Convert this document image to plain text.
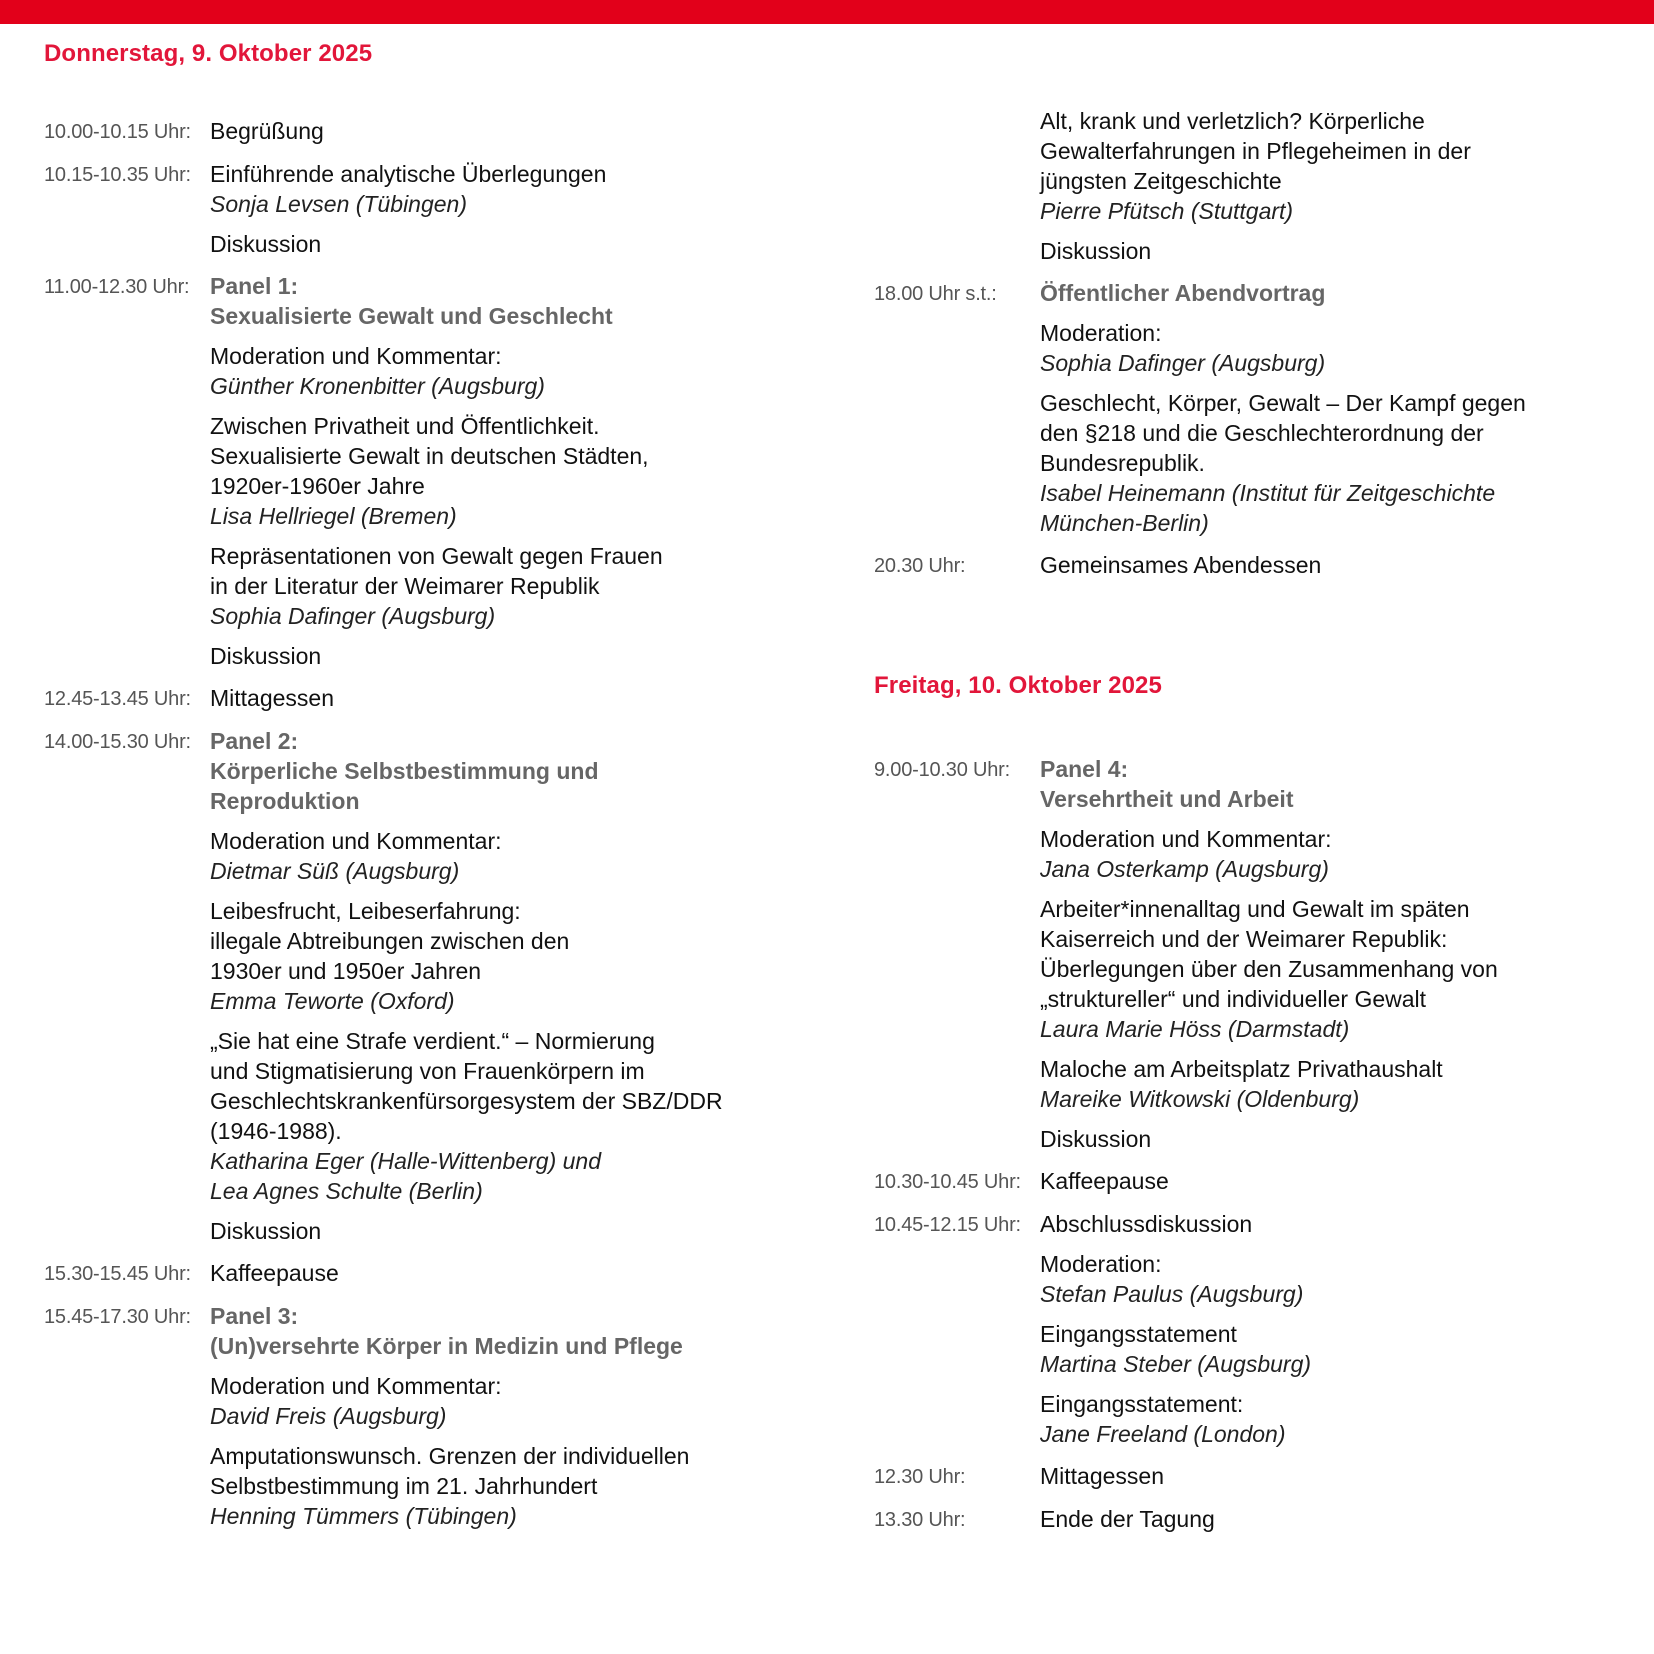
Donnerstag, 9. Oktober 2025
10.00-10.15 Uhr: Begrüßung
10.15-10.35 Uhr: Einführende analytische Überlegungen
Sonja Levsen (Tübingen)
Diskussion
11.00-12.30 Uhr: Panel 1:
Sexualisierte Gewalt und Geschlecht
Moderation und Kommentar:
Günther Kronenbitter (Augsburg)
Zwischen Privatheit und Öffentlichkeit.
Sexualisierte Gewalt in deutschen Städten,
1920er-1960er Jahre
Lisa Hellriegel (Bremen)
Repräsentationen von Gewalt gegen Frauen
in der Literatur der Weimarer Republik
Sophia Dafinger (Augsburg)
Diskussion
12.45-13.45 Uhr: Mittagessen
14.00-15.30 Uhr: Panel 2:
Körperliche Selbstbestimmung und
Reproduktion
Moderation und Kommentar:
Dietmar Süß (Augsburg)
Leibesfrucht, Leibeserfahrung:
illegale Abtreibungen zwischen den
1930er und 1950er Jahren
Emma Teworte (Oxford)
„Sie hat eine Strafe verdient.“ – Normierung
und Stigmatisierung von Frauenkörpern im
Geschlechtskrankenfürsorgesystem der SBZ/DDR
(1946-1988).
Katharina Eger (Halle-Wittenberg) und
Lea Agnes Schulte (Berlin)
Diskussion
15.30-15.45 Uhr: Kaffeepause
15.45-17.30 Uhr: Panel 3:
(Un)versehrte Körper in Medizin und Pflege
Moderation und Kommentar:
David Freis (Augsburg)
Amputationswunsch. Grenzen der individuellen
Selbstbestimmung im 21. Jahrhundert
Henning Tümmers (Tübingen)
Alt, krank und verletzlich? Körperliche
Gewalterfahrungen in Pflegeheimen in der
jüngsten Zeitgeschichte
Pierre Pfütsch (Stuttgart)
Diskussion
18.00 Uhr s.t.:	Öffentlicher Abendvortrag
Moderation:
Sophia Dafinger (Augsburg)
Geschlecht, Körper, Gewalt – Der Kampf gegen
den §218 und die Geschlechterordnung der
Bundesrepublik.
Isabel Heinemann (Institut für Zeitgeschichte
München-Berlin)
20.30 Uhr:	Gemeinsames Abendessen
Freitag, 10. Oktober 2025
9.00-10.30 Uhr:	Panel 4:
Versehrtheit und Arbeit
Moderation und Kommentar:
Jana Osterkamp (Augsburg)
Arbeiter*innenalltag und Gewalt im späten
Kaiserreich und der Weimarer Republik:
Überlegungen über den Zusammenhang von
„struktureller“ und individueller Gewalt
Laura Marie Höss (Darmstadt)
Maloche am Arbeitsplatz Privathaushalt
Mareike Witkowski (Oldenburg)
Diskussion
10.30-10.45 Uhr: Kaffeepause
10.45-12.15 Uhr: Abschlussdiskussion
Moderation:
Stefan Paulus (Augsburg)
Eingangsstatement
Martina Steber (Augsburg)
Eingangsstatement:
Jane Freeland (London)
12.30 Uhr:	Mittagessen
13.30 Uhr:	Ende der Tagung
